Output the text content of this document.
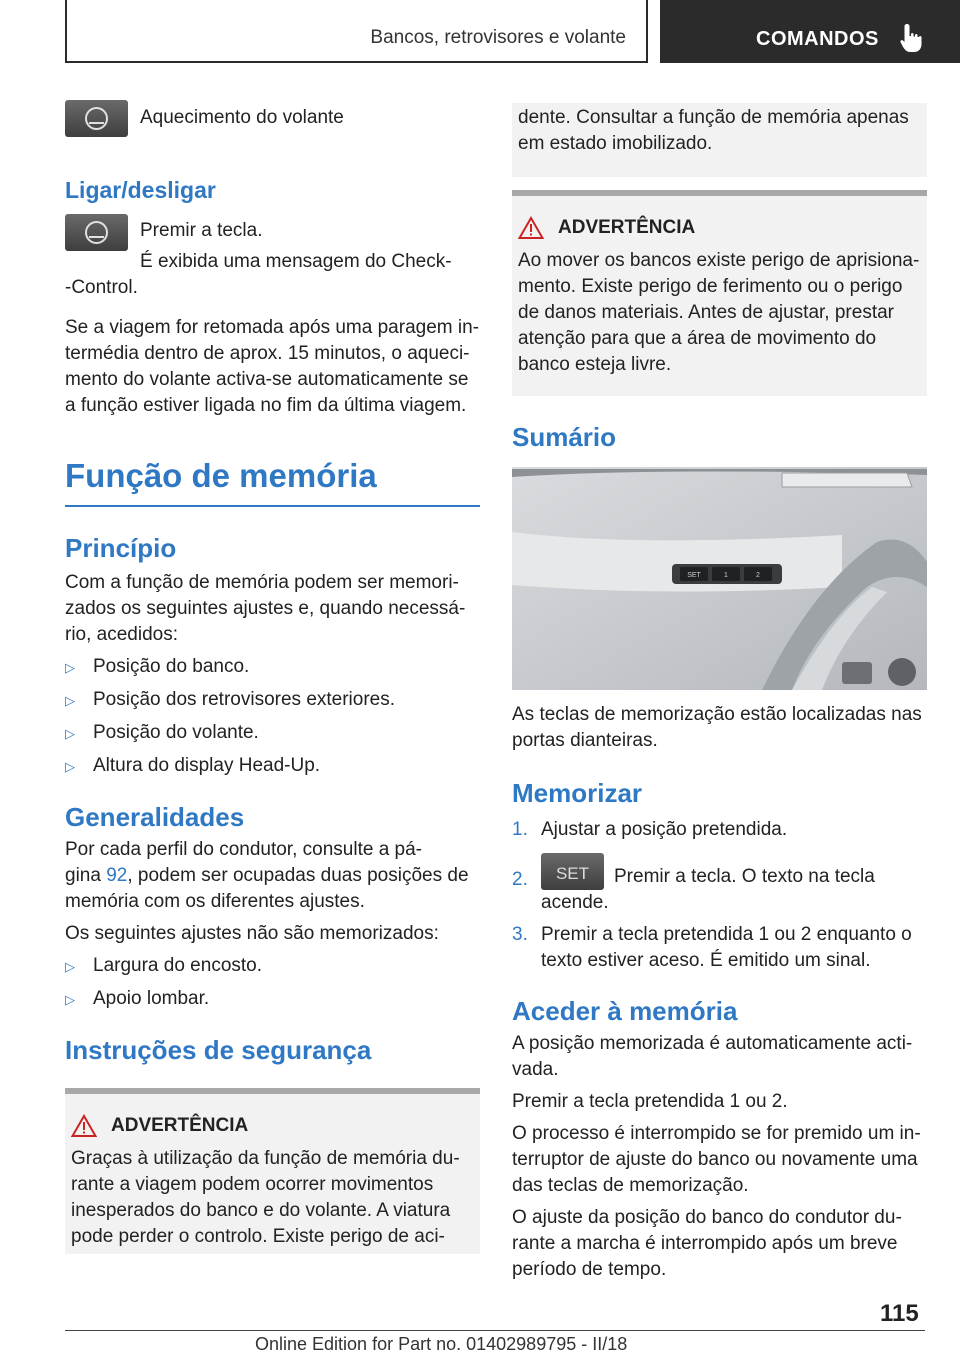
Bancos, retrovisores e volante	COMANDOS

Aquecimento do volante

Ligar/desligar

Premir a tecla.

É exibida uma mensagem do Check-

-Control.

Se a viagem for retomada após uma paragem in-

termédia dentro de aprox. 15 minutos, o aqueci-

mento do volante activa-se automaticamente se

a função estiver ligada no fim da última viagem.

Função de memória
Princípio

Com a função de memória podem ser memori-

zados os seguintes ajustes e, quando necessá-

rio, acedidos:

▷ Posição do banco.
▷ Posição dos retrovisores exteriores.
▷ Posição do volante.
▷ Altura do display Head-Up.
Generalidades

Por cada perfil do condutor, consulte a pá-

gina 92, podem ser ocupadas duas posições de

memória com os diferentes ajustes.

Os seguintes ajustes não são memorizados:

▷ Largura do encosto.
▷ Apoio lombar.
Instruções de segurança
ADVERTÊNCIA

Graças à utilização da função de memória du-

rante a viagem podem ocorrer movimentos

inesperados do banco e do volante. A viatura

pode perder o controlo. Existe perigo de aci-

dente. Consultar a função de memória apenas

em estado imobilizado.

ADVERTÊNCIA

Ao mover os bancos existe perigo de aprisiona-

mento. Existe perigo de ferimento ou o perigo

de danos materiais. Antes de ajustar, prestar

atenção para que a área de movimento do

banco esteja livre.

Sumário
SET	1	2

As teclas de memorização estão localizadas nas

portas dianteiras.

Memorizar
1. Ajustar a posição pretendida.
2.	SET	Premir a tecla. O texto na tecla
acende.
3. Premir a tecla pretendida 1 ou 2 enquanto o
texto estiver aceso. É emitido um sinal.
Aceder à memória

A posição memorizada é automaticamente acti-

vada.

Premir a tecla pretendida 1 ou 2.

O processo é interrompido se for premido um in-

terruptor de ajuste do banco ou novamente uma

das teclas de memorização.

O ajuste da posição do banco do condutor du-

rante a marcha é interrompido após um breve

período de tempo.

115
Online Edition for Part no. 01402989795 - II/18
